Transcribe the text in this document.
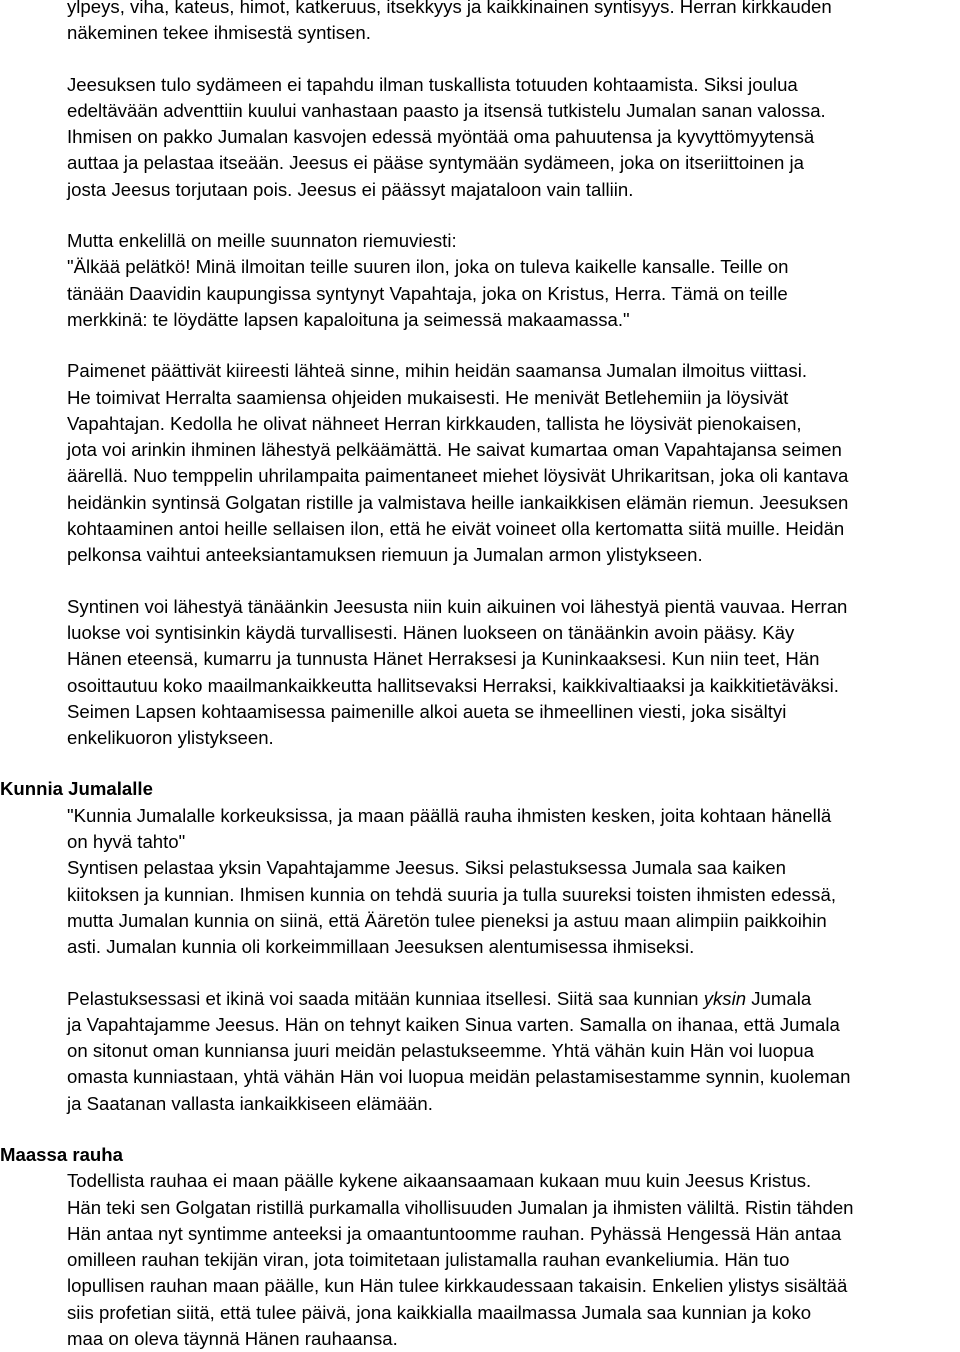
ylpeys, viha, kateus, himot, katkeruus, itsekkyys ja kaikkinainen syntisyys. Herran kirkkauden
näkeminen tekee ihmisestä syntisen.

Jeesuksen tulo sydämeen ei tapahdu ilman tuskallista totuuden kohtaamista. Siksi joulua
edeltävään adventtiin kuului vanhastaan paasto ja itsensä tutkistelu Jumalan sanan valossa.
Ihmisen on pakko Jumalan kasvojen edessä myöntää oma pahuutensa ja kyvyttömyytensä
auttaa ja pelastaa itseään. Jeesus ei pääse syntymään sydämeen, joka on itseriittoinen ja
josta Jeesus torjutaan pois. Jeesus ei päässyt majataloon vain talliin.

Mutta enkelillä on meille suunnaton riemuviesti:
"Älkää pelätkö! Minä ilmoitan teille suuren ilon, joka on tuleva kaikelle kansalle. Teille on
tänään Daavidin kaupungissa syntynyt Vapahtaja, joka on Kristus, Herra. Tämä on teille
merkkinä: te löydätte lapsen kapaloituna ja seimessä makaamassa."

Paimenet päättivät kiireesti lähteä sinne, mihin heidän saamansa Jumalan ilmoitus viittasi.
He toimivat Herralta saamiensa ohjeiden mukaisesti. He menivät Betlehemiin ja löysivät
Vapahtajan. Kedolla he olivat nähneet Herran kirkkauden, tallista he löysivät pienokaisen,
jota voi arinkin ihminen lähestyä pelkäämättä. He saivat kumartaa oman Vapahtajansa seimen
äärellä. Nuo temppelin uhrilampaita paimentaneet miehet löysivät Uhrikaritsan, joka oli kantava
heidänkin syntinsä Golgatan ristille ja valmistava heille iankaikkisen elämän riemun. Jeesuksen
kohtaaminen antoi heille sellaisen ilon, että he eivät voineet olla kertomatta siitä muille. Heidän
pelkonsa vaihtui anteeksiantamuksen riemuun ja Jumalan armon ylistykseen.

Syntinen voi lähestyä tänäänkin Jeesusta niin kuin aikuinen voi lähestyä pientä vauvaa. Herran
luokse voi syntisinkin käydä turvallisesti. Hänen luokseen on tänäänkin avoin pääsy. Käy
Hänen eteensä, kumarru ja tunnusta Hänet Herraksesi ja Kuninkaaksesi. Kun niin teet, Hän
osoittautuu koko maailmankaikkeutta hallitsevaksi Herraksi, kaikkivaltiaaksi ja kaikkitietäväksi.
Seimen Lapsen kohtaamisessa paimenille alkoi aueta se ihmeellinen viesti, joka sisältyi
enkelikuoron ylistykseen.

Kunnia Jumalalle

"Kunnia Jumalalle korkeuksissa, ja maan päällä rauha ihmisten kesken, joita kohtaan hänellä
on hyvä tahto"
Syntisen pelastaa yksin Vapahtajamme Jeesus. Siksi pelastuksessa Jumala saa kaiken
kiitoksen ja kunnian. Ihmisen kunnia on tehdä suuria ja tulla suureksi toisten ihmisten edessä,
mutta Jumalan kunnia on siinä, että Ääretön tulee pieneksi ja astuu maan alimpiin paikkoihin
asti. Jumalan kunnia oli korkeimmillaan Jeesuksen alentumisessa ihmiseksi.

Pelastuksessasi et ikinä voi saada mitään kunniaa itsellesi. Siitä saa kunnian yksin Jumala
ja Vapahtajamme Jeesus. Hän on tehnyt kaiken Sinua varten. Samalla on ihanaa, että Jumala
on sitonut oman kunniansa juuri meidän pelastukseemme. Yhtä vähän kuin Hän voi luopua
omasta kunniastaan, yhtä vähän Hän voi luopua meidän pelastamisestamme synnin, kuoleman
ja Saatanan vallasta iankaikkiseen elämään.

Maassa rauha

Todellista rauhaa ei maan päälle kykene aikaansaamaan kukaan muu kuin Jeesus Kristus.
Hän teki sen Golgatan ristillä purkamalla vihollisuuden Jumalan ja ihmisten väliltä. Ristin tähden
Hän antaa nyt syntimme anteeksi ja omaantuntoomme rauhan. Pyhässä Hengessä Hän antaa
omilleen rauhan tekijän viran, jota toimitetaan julistamalla rauhan evankeliumia. Hän tuo
lopullisen rauhan maan päälle, kun Hän tulee kirkkaudessaan takaisin. Enkelien ylistys sisältää
siis profetian siitä, että tulee päivä, jona kaikkialla maailmassa Jumala saa kunnian ja koko
maa on oleva täynnä Hänen rauhaansa.
